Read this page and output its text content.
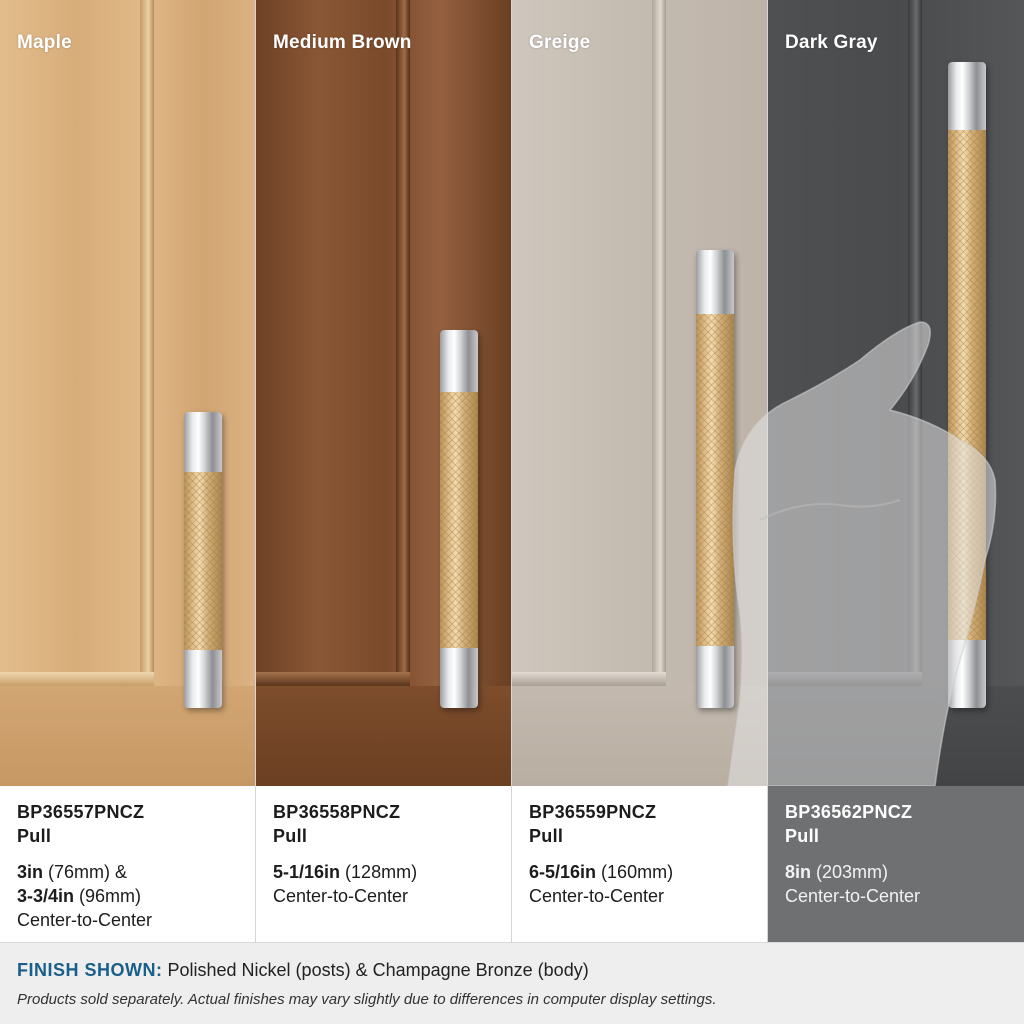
Maple
BP36557PNCZ
Pull
3in (76mm) &
3-3/4in (96mm)
Center-to-Center
Medium Brown
BP36558PNCZ
Pull
5-1/16in (128mm)
Center-to-Center
Greige
BP36559PNCZ
Pull
6-5/16in (160mm)
Center-to-Center
Dark Gray
BP36562PNCZ
Pull
8in (203mm)
Center-to-Center
FINISH SHOWN: Polished Nickel (posts) & Champagne Bronze (body)
Products sold separately. Actual finishes may vary slightly due to differences in computer display settings.
